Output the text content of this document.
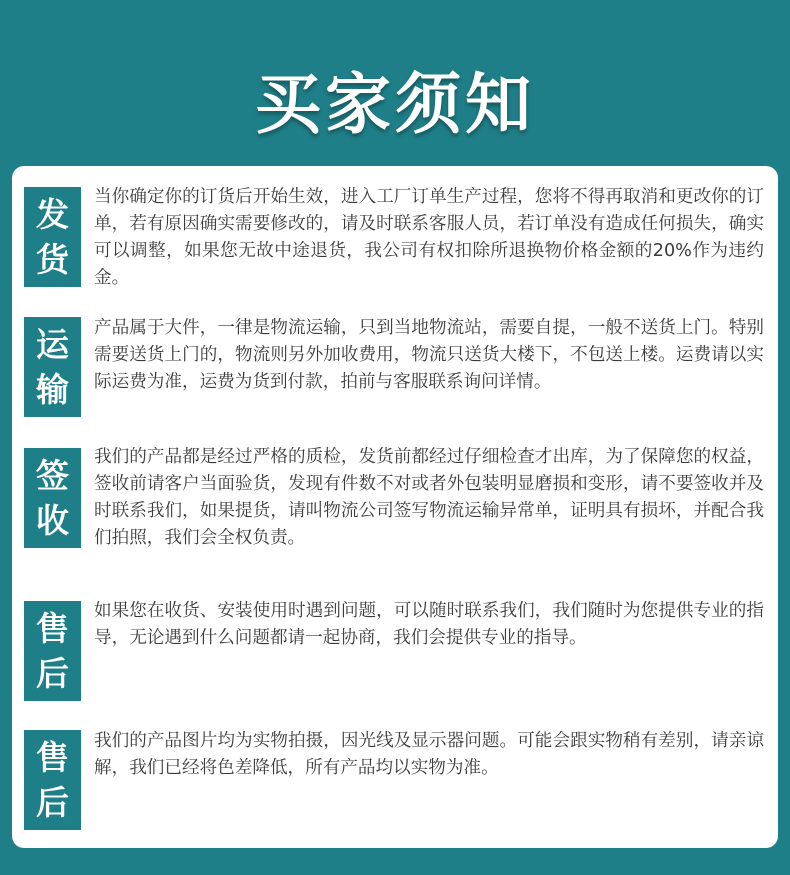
买家须知
发
货
当你确定你的订货后开始生效，进入工厂订单生产过程，您将不得再取消和更改你的订单，若有原因确实需要修改的，请及时联系客服人员，若订单没有造成任何损失，确实可以调整，如果您无故中途退货，我公司有权扣除所退换物价格金额的20%作为违约金。
运
输
产品属于大件，一律是物流运输，只到当地物流站，需要自提，一般不送货上门。特别需要送货上门的，物流则另外加收费用，物流只送货大楼下，不包送上楼。运费请以实际运费为准，运费为货到付款，拍前与客服联系询问详情。
签
收
我们的产品都是经过严格的质检，发货前都经过仔细检查才出库，为了保障您的权益，签收前请客户当面验货，发现有件数不对或者外包装明显磨损和变形，请不要签收并及时联系我们，如果提货，请叫物流公司签写物流运输异常单，证明具有损坏，并配合我们拍照，我们会全权负责。
售
后
如果您在收货、安装使用时遇到问题，可以随时联系我们，我们随时为您提供专业的指导，无论遇到什么问题都请一起协商，我们会提供专业的指导。
售
后
我们的产品图片均为实物拍摄，因光线及显示器问题。可能会跟实物稍有差别，请亲谅解，我们已经将色差降低，所有产品均以实物为准。
